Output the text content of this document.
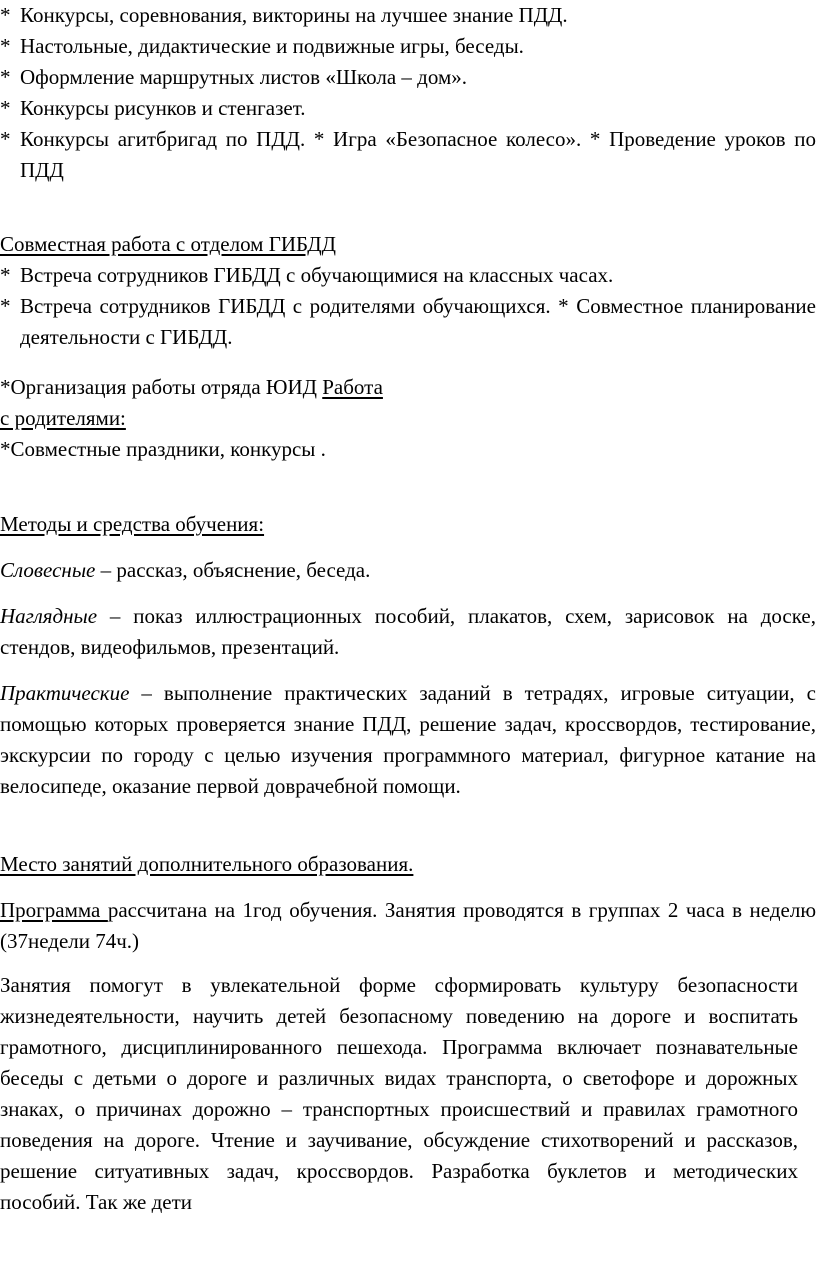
* Конкурсы, соревнования, викторины на лучшее знание ПДД.
* Настольные, дидактические и подвижные игры, беседы.
* Оформление маршрутных листов «Школа – дом».
* Конкурсы рисунков и стенгазет.
* Конкурсы агитбригад по ПДД. * Игра «Безопасное колесо». * Проведение уроков по ПДД
Совместная работа с отделом ГИБДД
* Встреча сотрудников ГИБДД с обучающимися на классных часах.
* Встреча сотрудников ГИБДД с родителями обучающихся. * Совместное планирование деятельности с ГИБДД.
*Организация работы отряда ЮИД Работа
с родителями:
*Совместные праздники, конкурсы .
Методы и средства обучения:
Словесные – рассказ, объяснение, беседа.
Наглядные – показ иллюстрационных пособий, плакатов, схем, зарисовок на доске, стендов, видеофильмов, презентаций.
Практические – выполнение практических заданий в тетрадях, игровые ситуации, с помощью которых проверяется знание ПДД, решение задач, кроссвордов, тестирование, экскурсии по городу с целью изучения программного материал, фигурное катание на велосипеде, оказание первой доврачебной помощи.
Место занятий дополнительного образования.
Программа рассчитана на 1год обучения. Занятия проводятся в группах 2 часа в неделю (37недели 74ч.)
Занятия помогут в увлекательной форме сформировать культуру безопасности жизнедеятельности, научить детей безопасному поведению на дороге и воспитать грамотного, дисциплинированного пешехода. Программа включает познавательные беседы с детьми о дороге и различных видах транспорта, о светофоре и дорожных знаках, о причинах дорожно – транспортных происшествий и правилах грамотного поведения на дороге. Чтение и заучивание, обсуждение стихотворений и рассказов, решение ситуативных задач, кроссвордов. Разработка буклетов и методических пособий. Так же дети
